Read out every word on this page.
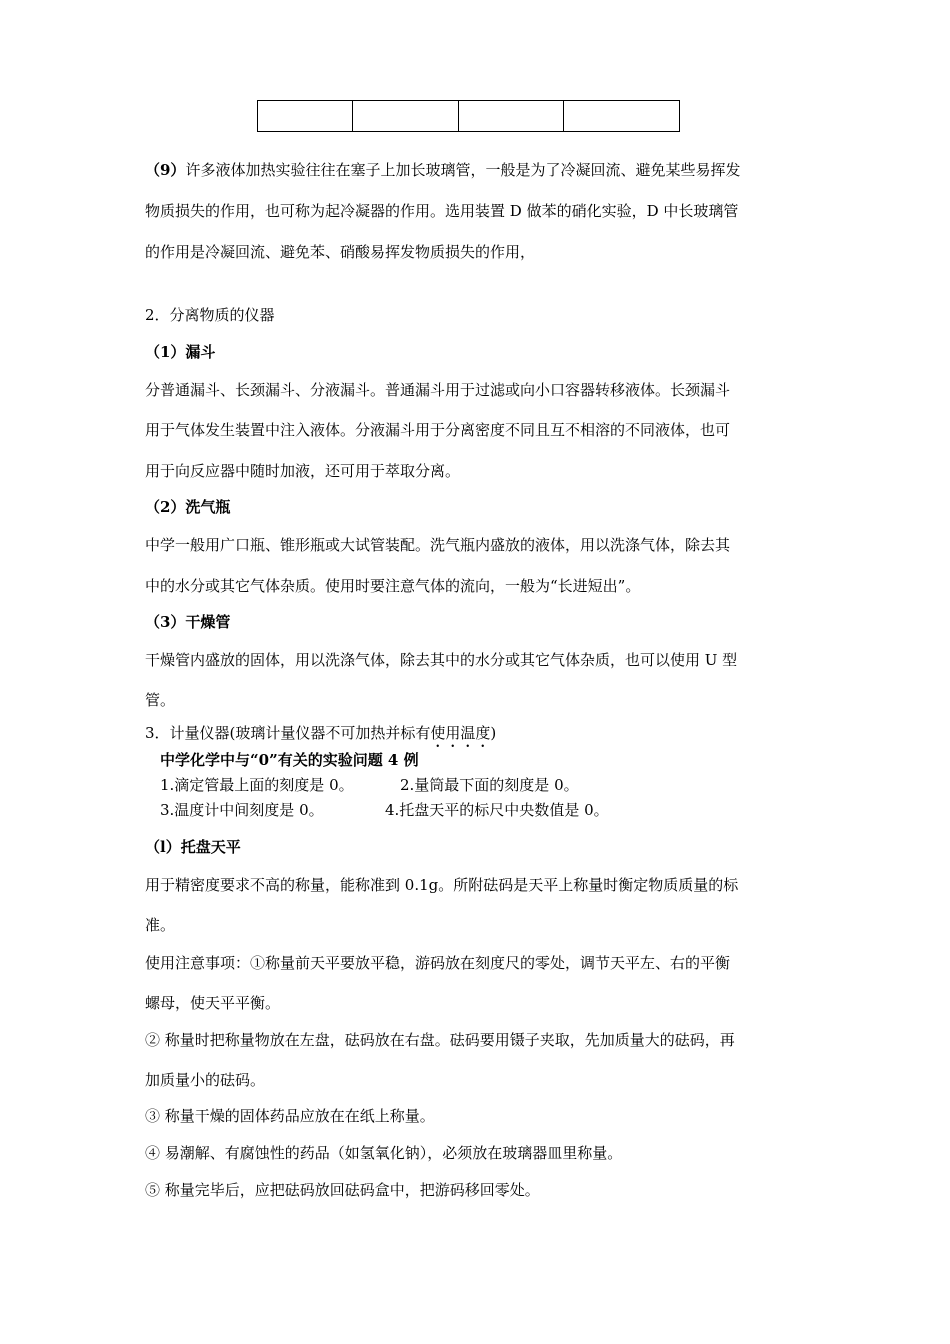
（9）许多液体加热实验往往在塞子上加长玻璃管，一般是为了冷凝回流、避免某些易挥发
物质损失的作用，也可称为起冷凝器的作用。选用装置 D 做苯的硝化实验，D 中长玻璃管
的作用是冷凝回流、避免苯、硝酸易挥发物质损失的作用，
2．分离物质的仪器
（1）漏斗
分普通漏斗、长颈漏斗、分液漏斗。普通漏斗用于过滤或向小口容器转移液体。长颈漏斗
用于气体发生装置中注入液体。分液漏斗用于分离密度不同且互不相溶的不同液体，也可
用于向反应器中随时加液，还可用于萃取分离。
（2）洗气瓶
中学一般用广口瓶、锥形瓶或大试管装配。洗气瓶内盛放的液体，用以洗涤气体，除去其
中的水分或其它气体杂质。使用时要注意气体的流向，一般为“长进短出”。
（3）干燥管
干燥管内盛放的固体，用以洗涤气体，除去其中的水分或其它气体杂质，也可以使用 U 型
管。
3．计量仪器(玻璃计量仪器不可加热并标有使用温度)
中学化学中与“0”有关的实验问题 4 例
1.滴定管最上面的刻度是 0。	2.量筒最下面的刻度是 0。
3.温度计中间刻度是 0。	4.托盘天平的标尺中央数值是 0。
（l）托盘天平
用于精密度要求不高的称量，能称准到 0.1g。所附砝码是天平上称量时衡定物质质量的标
准。
使用注意事项：①称量前天平要放平稳，游码放在刻度尺的零处，调节天平左、右的平衡
螺母，使天平平衡。
② 称量时把称量物放在左盘，砝码放在右盘。砝码要用镊子夹取，先加质量大的砝码，再
加质量小的砝码。
③ 称量干燥的固体药品应放在在纸上称量。
④ 易潮解、有腐蚀性的药品（如氢氧化钠），必须放在玻璃器皿里称量。
⑤ 称量完毕后，应把砝码放回砝码盒中，把游码移回零处。
